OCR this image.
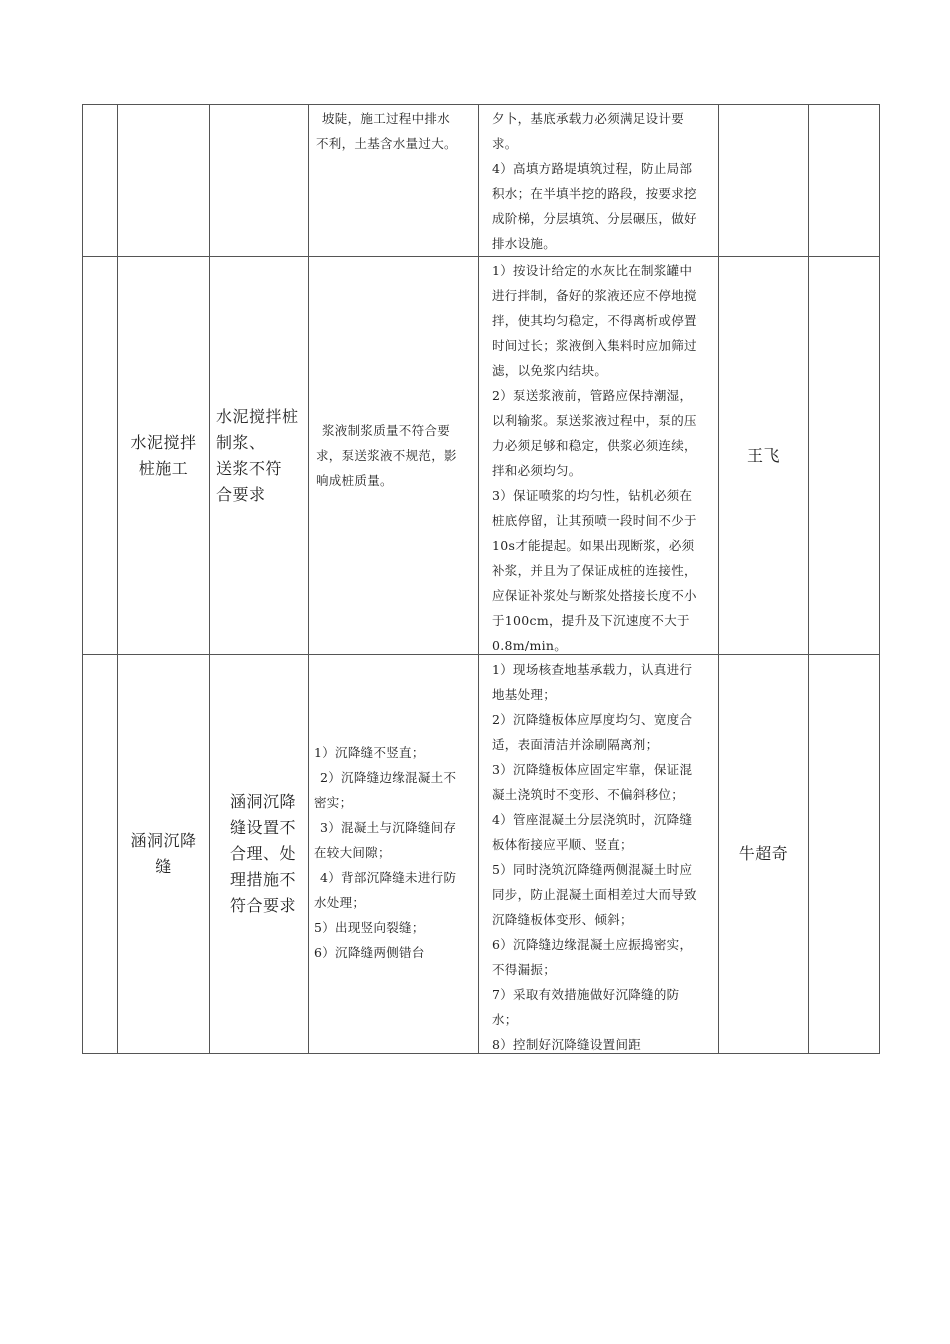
坡陡，施工过程中排水
不利，土基含水量过大。
夕卜，基底承载力必须满足设计要
求。
4）高填方路堤填筑过程，防止局部
积水；在半填半挖的路段，按要求挖
成阶梯，分层填筑、分层碾压，做好
排水设施。
水泥搅拌
桩施工
水泥搅拌桩
制浆、
送浆不符
合要求
浆液制浆质量不符合要
求，泵送浆液不规范，影
响成桩质量。
1）按设计给定的水灰比在制浆罐中
进行拌制，备好的浆液还应不停地搅
拌，使其均匀稳定，不得离析或停置
时间过长；浆液倒入集料时应加筛过
滤，以免浆内结块。
2）泵送浆液前，管路应保持潮湿，
以利输浆。泵送浆液过程中，泵的压
力必须足够和稳定，供浆必须连续，
拌和必须均匀。
3）保证喷浆的均匀性，钻机必须在
桩底停留，让其预喷一段时间不少于
10s才能提起。如果出现断浆，必须
补浆，并且为了保证成桩的连接性，
应保证补浆处与断浆处搭接长度不小
于100cm，提升及下沉速度不大于
0.8m/min。
王飞
涵洞沉降
缝
涵洞沉降
缝设置不
合理、处
理措施不
符合要求
1）沉降缝不竖直；
2）沉降缝边缘混凝土不
密实；
3）混凝土与沉降缝间存
在较大间隙；
4）背部沉降缝未进行防
水处理；
5）出现竖向裂缝；
6）沉降缝两侧错台
1）现场核查地基承载力，认真进行
地基处理；
2）沉降缝板体应厚度均匀、宽度合
适，表面清洁并涂刷隔离剂；
3）沉降缝板体应固定牢靠，保证混
凝土浇筑时不变形、不偏斜移位；
4）管座混凝土分层浇筑时，沉降缝
板体衔接应平顺、竖直；
5）同时浇筑沉降缝两侧混凝土时应
同步，防止混凝土面相差过大而导致
沉降缝板体变形、倾斜；
6）沉降缝边缘混凝土应振捣密实，
不得漏振；
7）采取有效措施做好沉降缝的防
水；
8）控制好沉降缝设置间距
牛超奇
